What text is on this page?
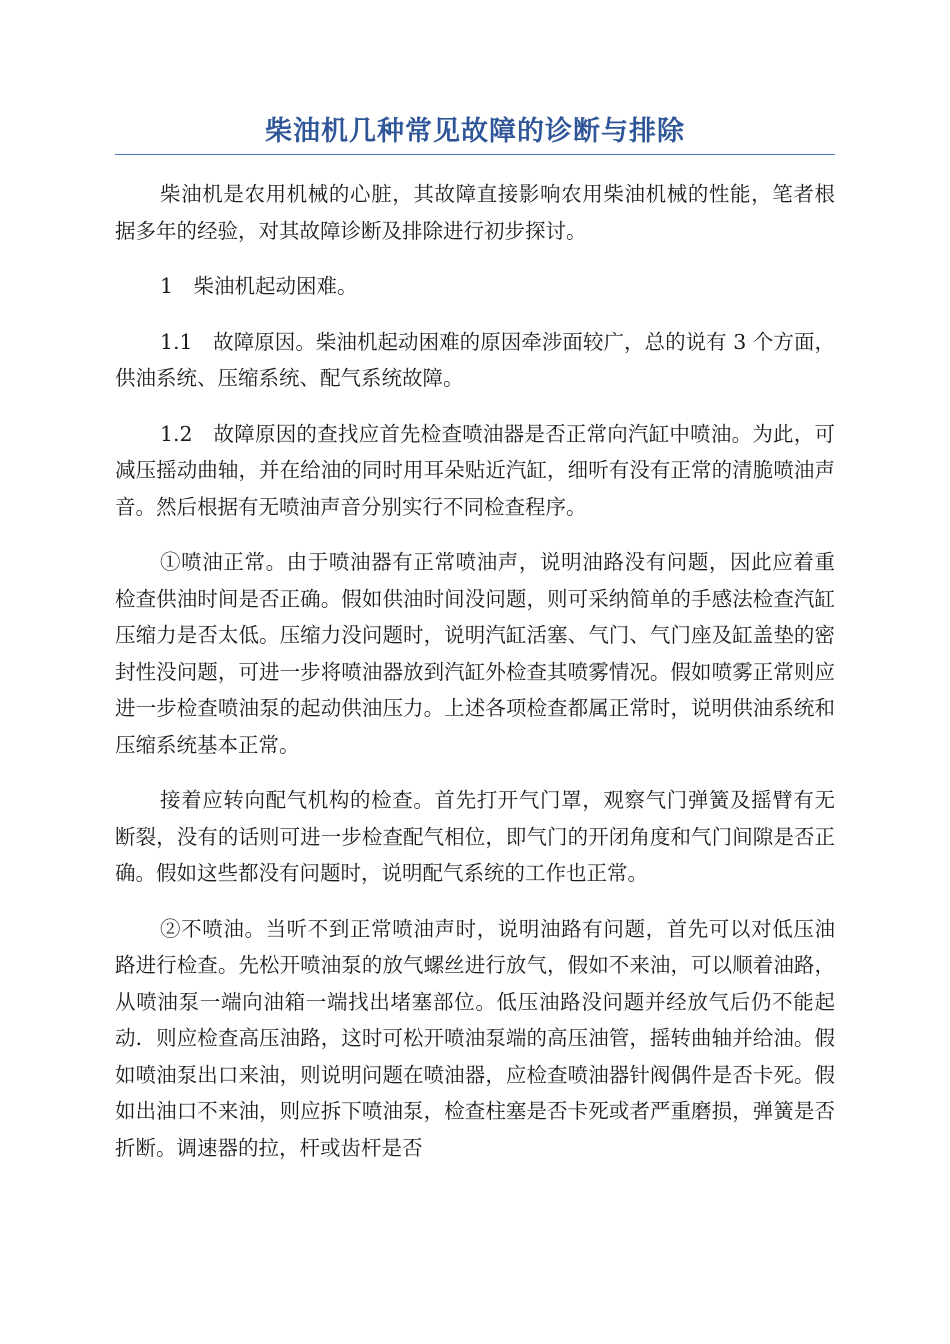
柴油机几种常见故障的诊断与排除

柴油机是农用机械的心脏，其故障直接影响农用柴油机械的性能，笔者根据多年的经验，对其故障诊断及排除进行初步探讨。

1　柴油机起动困难。

1.1　故障原因。柴油机起动困难的原因牵涉面较广，总的说有 3 个方面，供油系统、压缩系统、配气系统故障。

1.2　故障原因的查找应首先检查喷油器是否正常向汽缸中喷油。为此，可减压摇动曲轴，并在给油的同时用耳朵贴近汽缸，细听有没有正常的清脆喷油声音。然后根据有无喷油声音分别实行不同检查程序。

①喷油正常。由于喷油器有正常喷油声，说明油路没有问题，因此应着重检查供油时间是否正确。假如供油时间没问题，则可采纳简单的手感法检查汽缸压缩力是否太低。压缩力没问题时，说明汽缸活塞、气门、气门座及缸盖垫的密封性没问题，可进一步将喷油器放到汽缸外检查其喷雾情况。假如喷雾正常则应进一步检查喷油泵的起动供油压力。上述各项检查都属正常时，说明供油系统和压缩系统基本正常。

接着应转向配气机构的检查。首先打开气门罩，观察气门弹簧及摇臂有无断裂，没有的话则可进一步检查配气相位，即气门的开闭角度和气门间隙是否正确。假如这些都没有问题时，说明配气系统的工作也正常。

②不喷油。当听不到正常喷油声时，说明油路有问题，首先可以对低压油路进行检查。先松开喷油泵的放气螺丝进行放气，假如不来油，可以顺着油路，从喷油泵一端向油箱一端找出堵塞部位。低压油路没问题并经放气后仍不能起动．则应检查高压油路，这时可松开喷油泵端的高压油管，摇转曲轴并给油。假如喷油泵出口来油，则说明问题在喷油器，应检查喷油器针阀偶件是否卡死。假如出油口不来油，则应拆下喷油泵，检查柱塞是否卡死或者严重磨损，弹簧是否折断。调速器的拉，杆或齿杆是否
